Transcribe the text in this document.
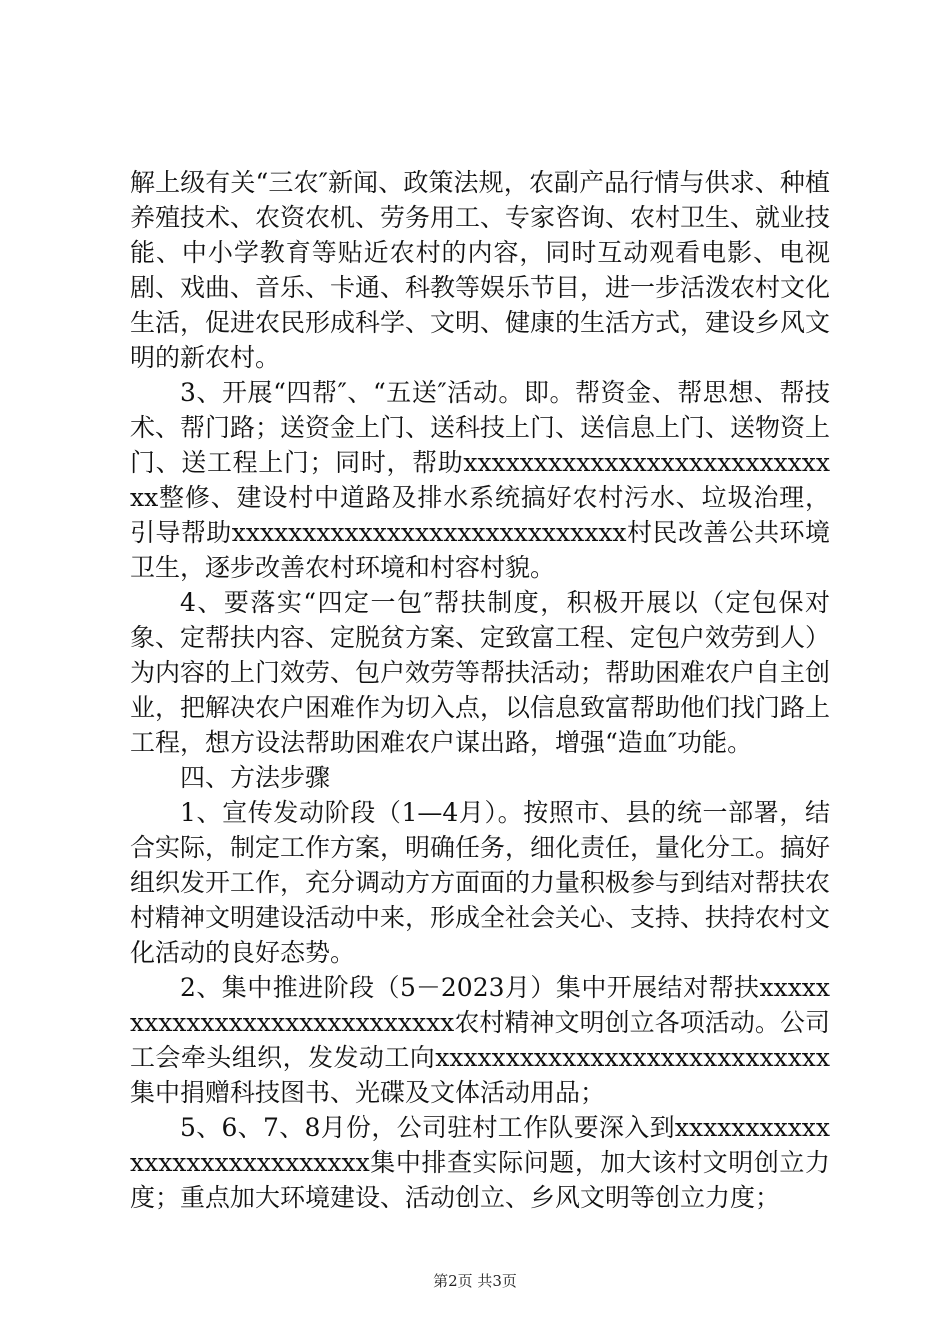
解上级有关“三农″新闻、政策法规，农副产品行情与供求、种植养殖技术、农资农机、劳务用工、专家咨询、农村卫生、就业技能、中小学教育等贴近农村的内容，同时互动观看电影、电视剧、戏曲、音乐、卡通、科教等娱乐节目，进一步活泼农村文化生活，促进农民形成科学、文明、健康的生活方式，建设乡风文明的新农村。

3、开展“四帮″、“五送″活动。即。帮资金、帮思想、帮技术、帮门路；送资金上门、送科技上门、送信息上门、送物资上门、送工程上门；同时，帮助xxxxxxxxxxxxxxxxxxxxxxxxxxxx整修、建设村中道路及排水系统搞好农村污水、垃圾治理，引导帮助xxxxxxxxxxxxxxxxxxxxxxxxxxxx村民改善公共环境卫生，逐步改善农村环境和村容村貌。

4、要落实“四定一包″帮扶制度，积极开展以（定包保对象、定帮扶内容、定脱贫方案、定致富工程、定包户效劳到人）为内容的上门效劳、包户效劳等帮扶活动；帮助困难农户自主创业，把解决农户困难作为切入点，以信息致富帮助他们找门路上工程，想方设法帮助困难农户谋出路，增强“造血″功能。

四、方法步骤

1、宣传发动阶段（1—4月）。按照市、县的统一部署，结合实际，制定工作方案，明确任务，细化责任，量化分工。搞好组织发开工作，充分调动方方面面的力量积极参与到结对帮扶农村精神文明建设活动中来，形成全社会关心、支持、扶持农村文化活动的良好态势。

2、集中推进阶段（5－2023月）集中开展结对帮扶xxxxxxxxxxxxxxxxxxxxxxxxxxxx农村精神文明创立各项活动。公司工会牵头组织，发发动工向xxxxxxxxxxxxxxxxxxxxxxxxxxxx集中捐赠科技图书、光碟及文体活动用品；

5、6、7、8月份，公司驻村工作队要深入到xxxxxxxxxxxxxxxxxxxxxxxxxxxx集中排查实际问题，加大该村文明创立力度；重点加大环境建设、活动创立、乡风文明等创立力度；

第2页 共3页
